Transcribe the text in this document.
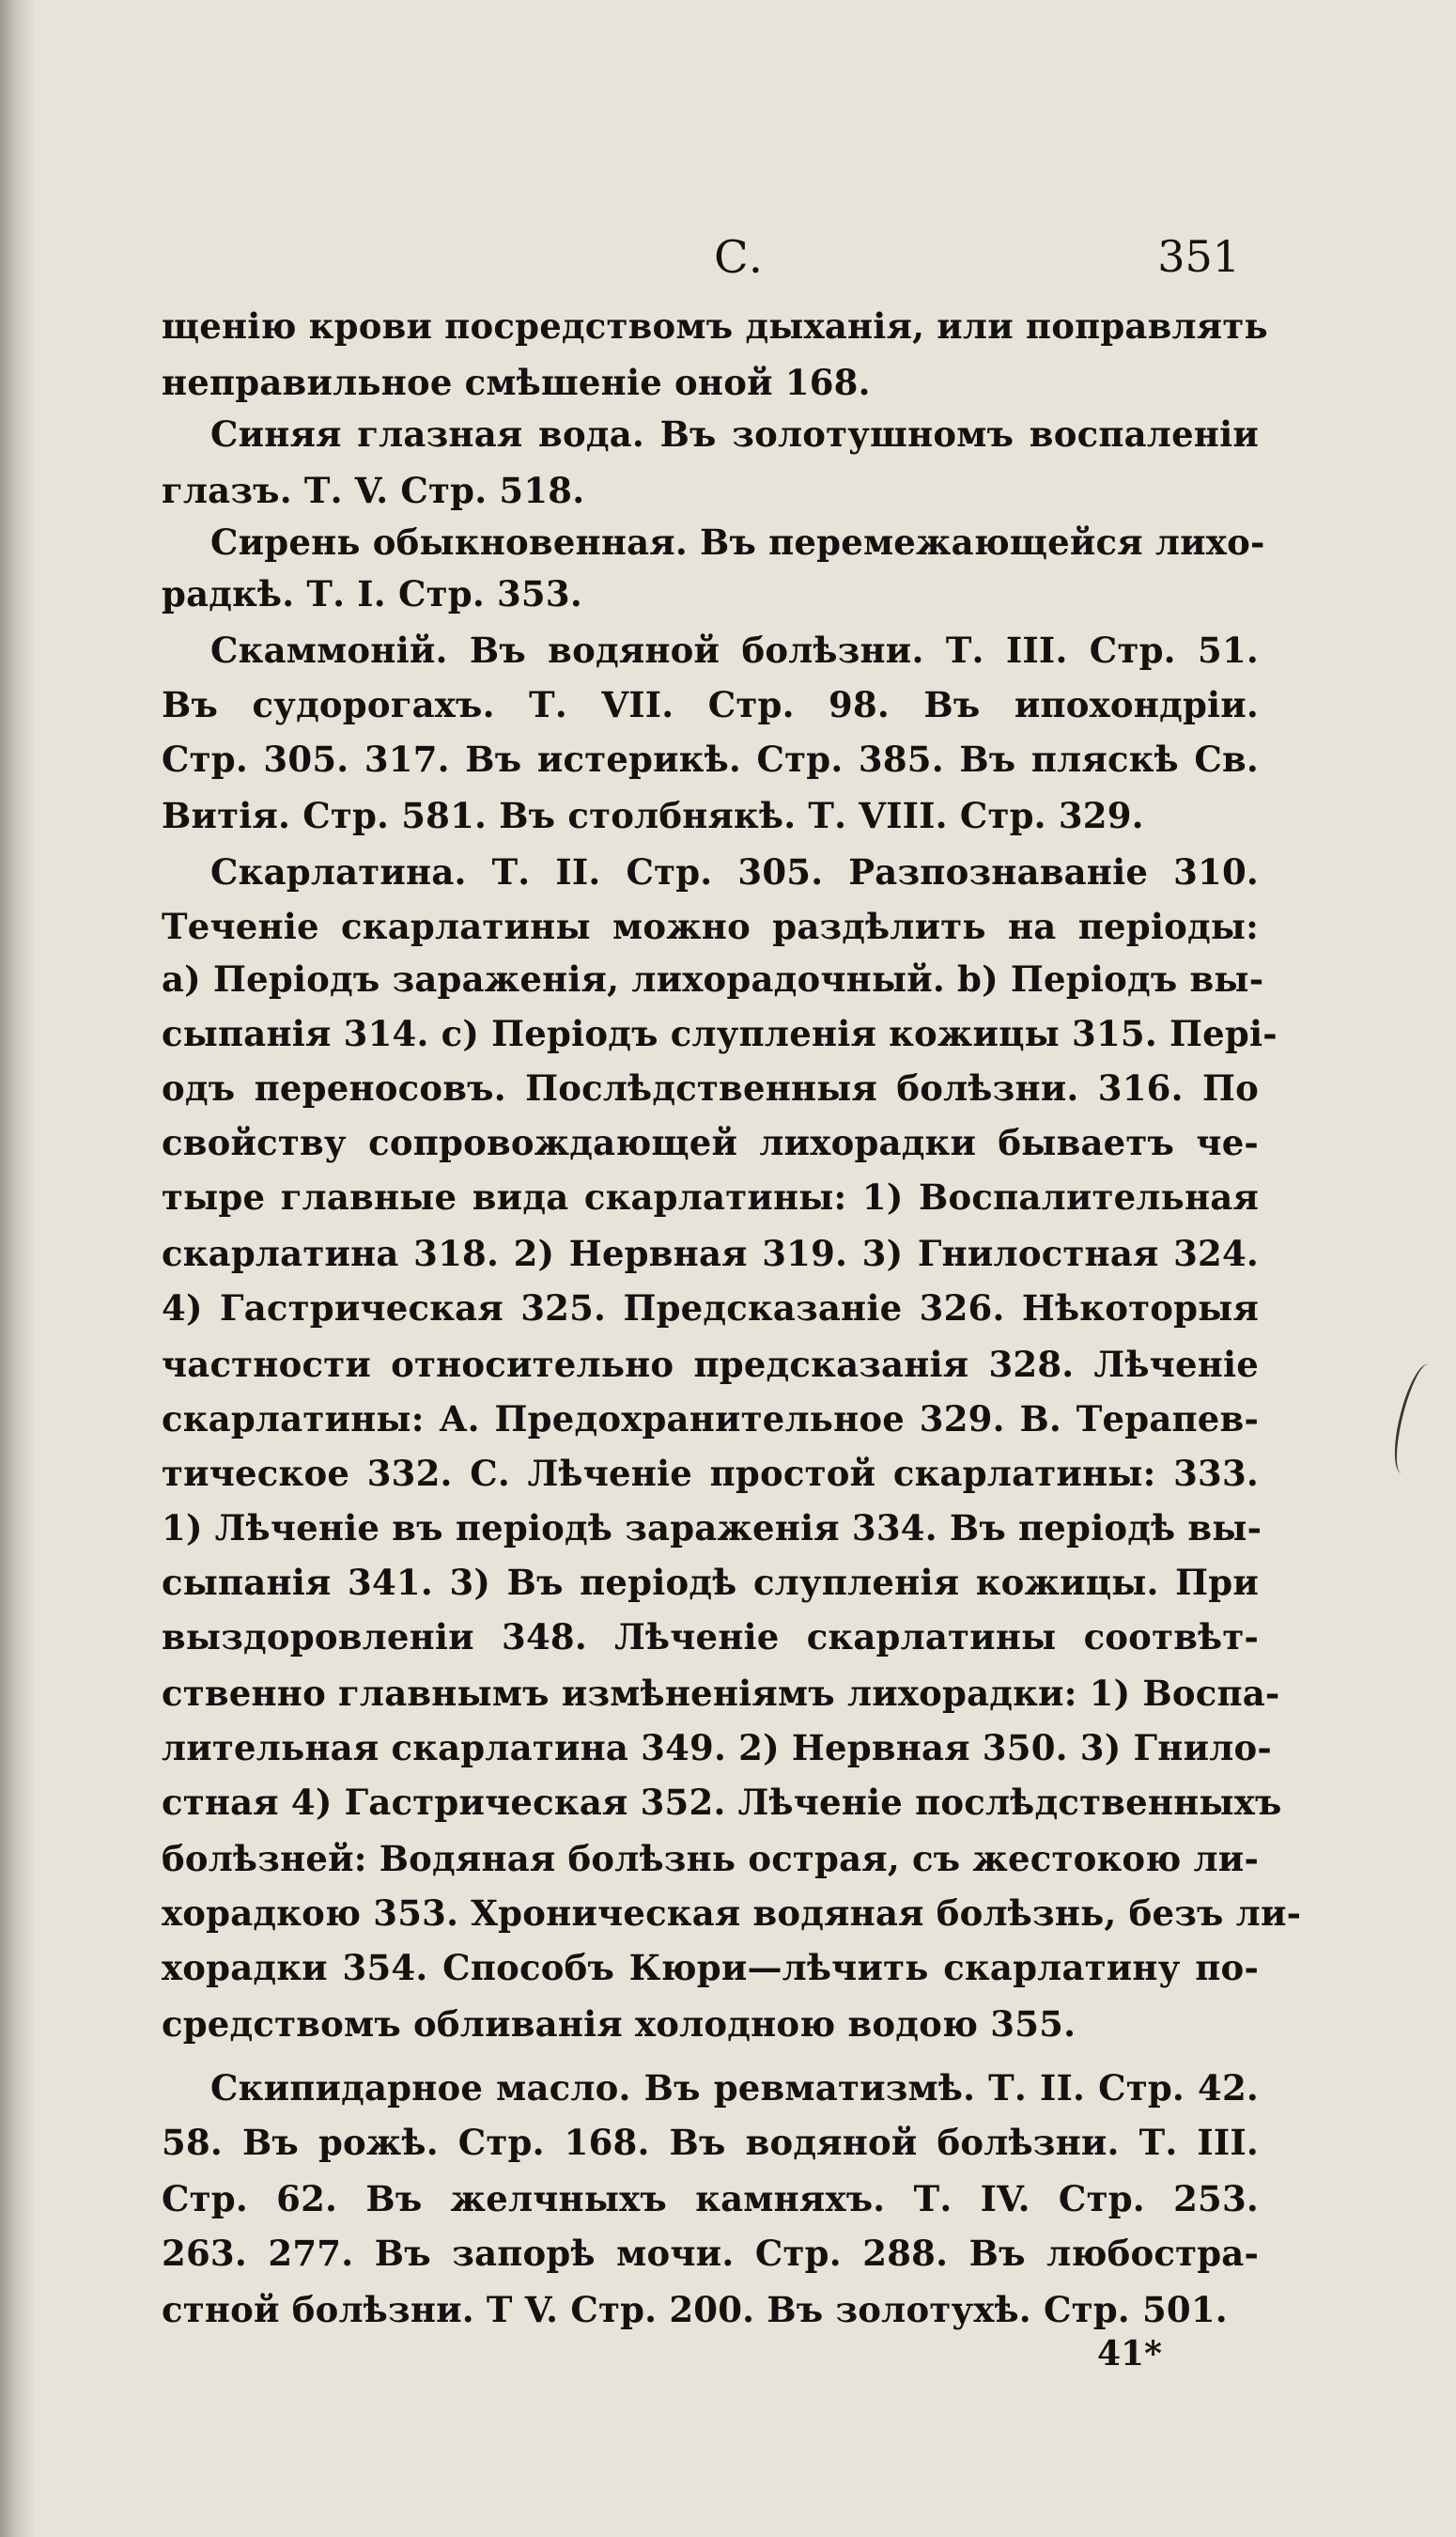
С.	351
щенію крови посредствомъ дыханія, или поправлять
неправильное смѣшеніе оной 168.
Синяя глазная вода. Въ золотушномъ воспаленіи
глазъ. Т. V. Стр. 518.
Сирень обыкновенная. Въ перемежающейся лихо-
радкѣ. Т. I. Стр. 353.
Скаммоній. Въ водяной болѣзни. Т. III. Стр. 51.
Въ судорогахъ. Т. VII. Стр. 98. Въ ипохондріи.
Стр. 305. 317. Въ истерикѣ. Стр. 385. Въ пляскѣ Св.
Витія. Стр. 581. Въ столбнякѣ. Т. VIII. Стр. 329.
Скарлатина. Т. II. Стр. 305. Разпознаваніе 310.
Теченіе скарлатины можно раздѣлить на періоды:
а) Періодъ зараженія, лихорадочный. b) Періодъ вы-
сыпанія 314. с) Періодъ слупленія кожицы 315. Пері-
одъ переносовъ. Послѣдственныя болѣзни. 316. По
свойству сопровождающей лихорадки бываетъ че-
тыре главные вида скарлатины: 1) Воспалительная
скарлатина 318. 2) Нервная 319. 3) Гнилостная 324.
4) Гастрическая 325. Предсказаніе 326. Нѣкоторыя
частности относительно предсказанія 328. Лѣченіе
скарлатины: А. Предохранительное 329. В. Терапев-
тическое 332. С. Лѣченіе простой скарлатины: 333.
1) Лѣченіе въ періодѣ зараженія 334. Въ періодѣ вы-
сыпанія 341. 3) Въ періодѣ слупленія кожицы. При
выздоровленіи 348. Лѣченіе скарлатины соотвѣт-
ственно главнымъ измѣненіямъ лихорадки: 1) Воспа-
лительная скарлатина 349. 2) Нервная 350. 3) Гнило-
стная 4) Гастрическая 352. Лѣченіе послѣдственныхъ
болѣзней: Водяная болѣзнь острая, съ жестокою ли-
хорадкою 353. Хроническая водяная болѣзнь, безъ ли-
хорадки 354. Способъ Кюри—лѣчить скарлатину по-
средствомъ обливанія холодною водою 355.
Скипидарное масло. Въ ревматизмѣ. Т. II. Стр. 42.
58. Въ рожѣ. Стр. 168. Въ водяной болѣзни. Т. III.
Стр. 62. Въ желчныхъ камняхъ. Т. IV. Стр. 253.
263. 277. Въ запорѣ мочи. Стр. 288. Въ любостра-
стной болѣзни. Т V. Стр. 200. Въ золотухѣ. Стр. 501.
41*
